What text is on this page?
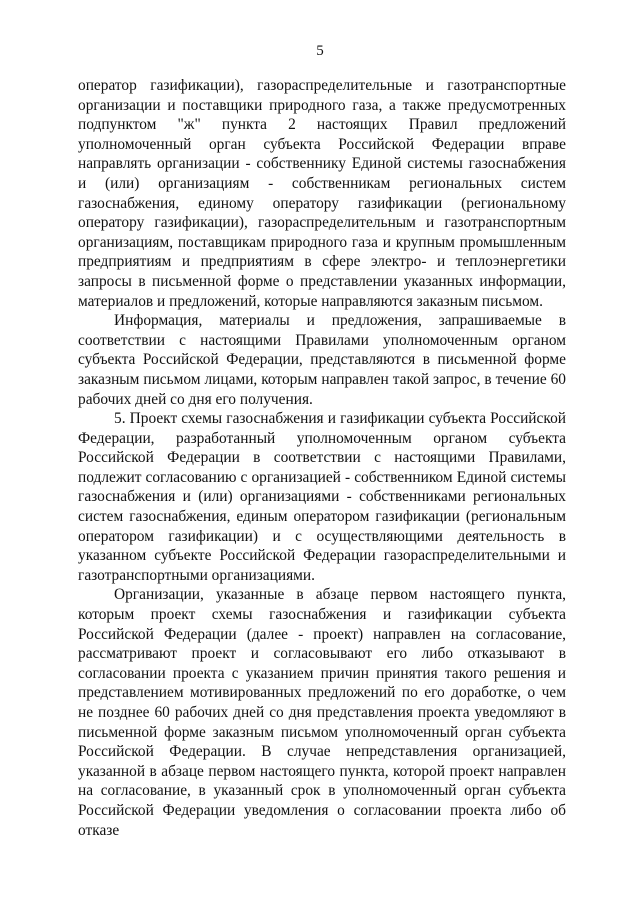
5

оператор газификации), газораспределительные и газотранспортные организации и поставщики природного газа, а также предусмотренных подпунктом "ж" пункта 2 настоящих Правил предложений уполномоченный орган субъекта Российской Федерации вправе направлять организации - собственнику Единой системы газоснабжения и (или) организациям - собственникам региональных систем газоснабжения, единому оператору газификации (региональному оператору газификации), газораспределительным и газотранспортным организациям, поставщикам природного газа и крупным промышленным предприятиям и предприятиям в сфере электро- и теплоэнергетики запросы в письменной форме о представлении указанных информации, материалов и предложений, которые направляются заказным письмом.

Информация, материалы и предложения, запрашиваемые в соответствии с настоящими Правилами уполномоченным органом субъекта Российской Федерации, представляются в письменной форме заказным письмом лицами, которым направлен такой запрос, в течение 60 рабочих дней со дня его получения.

5. Проект схемы газоснабжения и газификации субъекта Российской Федерации, разработанный уполномоченным органом субъекта Российской Федерации в соответствии с настоящими Правилами, подлежит согласованию с организацией - собственником Единой системы газоснабжения и (или) организациями - собственниками региональных систем газоснабжения, единым оператором газификации (региональным оператором газификации) и с осуществляющими деятельность в указанном субъекте Российской Федерации газораспределительными и газотранспортными организациями.

Организации, указанные в абзаце первом настоящего пункта, которым проект схемы газоснабжения и газификации субъекта Российской Федерации (далее - проект) направлен на согласование, рассматривают проект и согласовывают его либо отказывают в согласовании проекта с указанием причин принятия такого решения и представлением мотивированных предложений по его доработке, о чем не позднее 60 рабочих дней со дня представления проекта уведомляют в письменной форме заказным письмом уполномоченный орган субъекта Российской Федерации. В случае непредставления организацией, указанной в абзаце первом настоящего пункта, которой проект направлен на согласование, в указанный срок в уполномоченный орган субъекта Российской Федерации уведомления о согласовании проекта либо об отказе
